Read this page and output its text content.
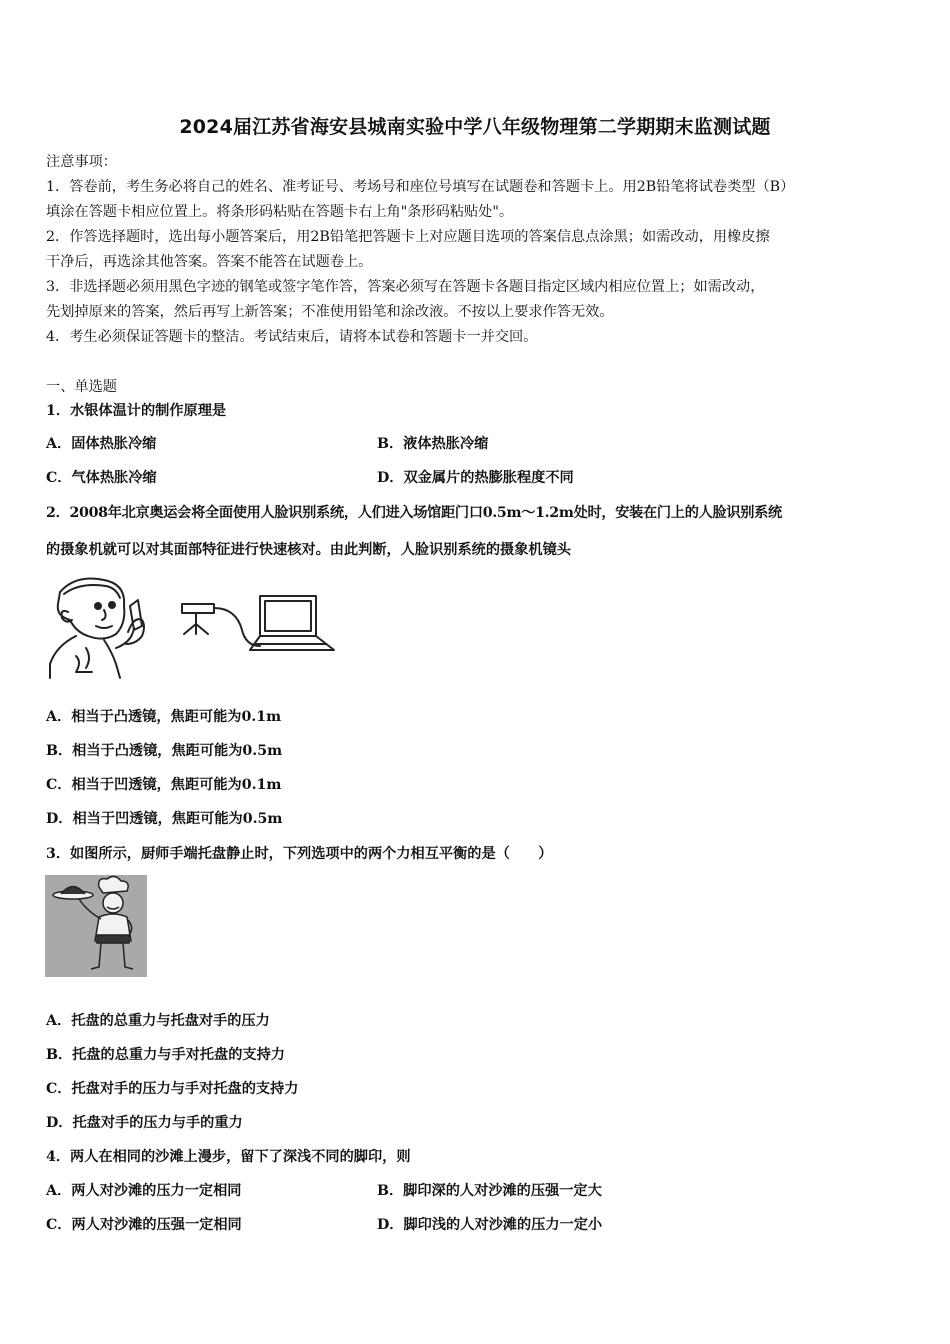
2024届江苏省海安县城南实验中学八年级物理第二学期期末监测试题
注意事项：
1．答卷前，考生务必将自己的姓名、准考证号、考场号和座位号填写在试题卷和答题卡上。用2B铅笔将试卷类型（B）
填涂在答题卡相应位置上。将条形码粘贴在答题卡右上角"条形码粘贴处"。
2．作答选择题时，选出每小题答案后，用2B铅笔把答题卡上对应题目选项的答案信息点涂黑；如需改动，用橡皮擦
干净后，再选涂其他答案。答案不能答在试题卷上。
3．非选择题必须用黑色字迹的钢笔或签字笔作答，答案必须写在答题卡各题目指定区域内相应位置上；如需改动，
先划掉原来的答案，然后再写上新答案；不准使用铅笔和涂改液。不按以上要求作答无效。
4．考生必须保证答题卡的整洁。考试结束后，请将本试卷和答题卡一并交回。
一、单选题
1．水银体温计的制作原理是
A．固体热胀冷缩	B．液体热胀冷缩
C．气体热胀冷缩	D．双金属片的热膨胀程度不同
2．2008年北京奥运会将全面使用人脸识别系统，人们进入场馆距门口0.5m～1.2m处时，安装在门上的人脸识别系统
的摄象机就可以对其面部特征进行快速核对。由此判断，人脸识别系统的摄象机镜头
A．相当于凸透镜，焦距可能为0.1m
B．相当于凸透镜，焦距可能为0.5m
C．相当于凹透镜，焦距可能为0.1m
D．相当于凹透镜，焦距可能为0.5m
3．如图所示，厨师手端托盘静止时，下列选项中的两个力相互平衡的是（　　）
A．托盘的总重力与托盘对手的压力
B．托盘的总重力与手对托盘的支持力
C．托盘对手的压力与手对托盘的支持力
D．托盘对手的压力与手的重力
4．两人在相同的沙滩上漫步，留下了深浅不同的脚印，则
A．两人对沙滩的压力一定相同	B．脚印深的人对沙滩的压强一定大
C．两人对沙滩的压强一定相同	D．脚印浅的人对沙滩的压力一定小
